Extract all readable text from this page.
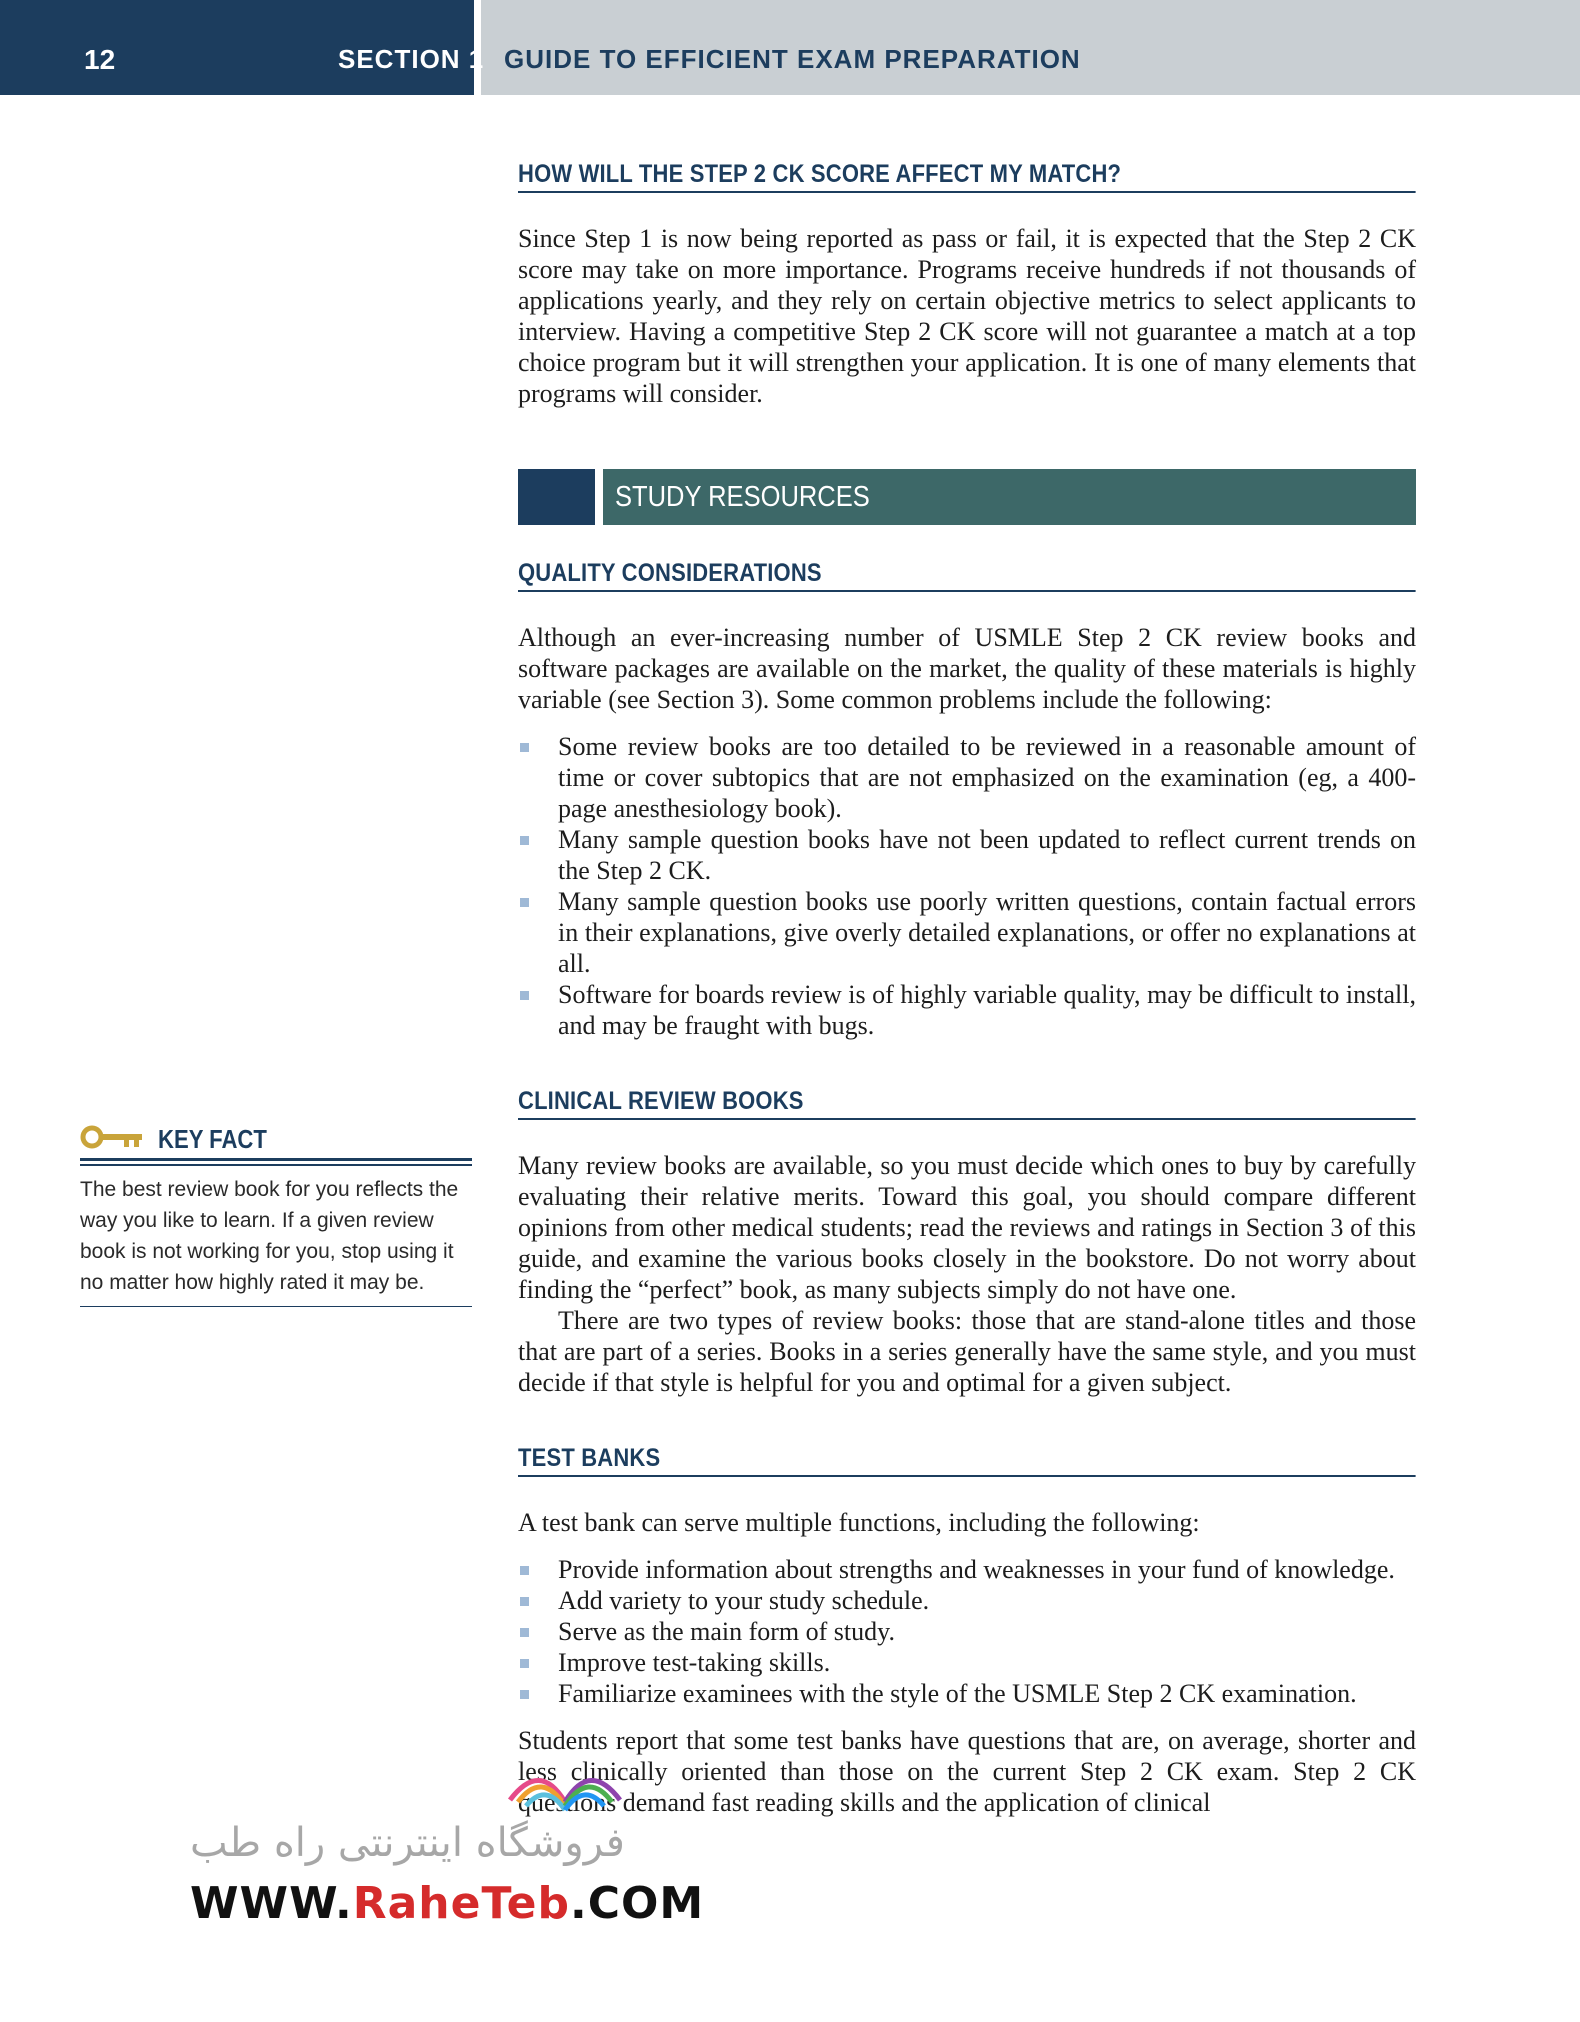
12	SECTION 1 GUIDE TO EFFICIENT EXAM PREPARATION
HOW WILL THE STEP 2 CK SCORE AFFECT MY MATCH?

Since Step 1 is now being reported as pass or fail, it is expected that the Step 2 CK score may take on more importance. Programs receive hundreds if not thousands of applications yearly, and they rely on certain objective metrics to select applicants to interview. Having a competitive Step 2 CK score will not guarantee a match at a top choice program but it will strengthen your application. It is one of many elements that programs will consider.

STUDY RESOURCES
QUALITY CONSIDERATIONS

Although an ever-increasing number of USMLE Step 2 CK review books and software packages are available on the market, the quality of these materials is highly variable (see Section 3). Some common problems include the following:

Some review books are too detailed to be reviewed in a reasonable amount of time or cover subtopics that are not emphasized on the examination (eg, a 400-page anesthesiology book).
Many sample question books have not been updated to reflect current trends on the Step 2 CK.
Many sample question books use poorly written questions, contain factual errors in their explanations, give overly detailed explanations, or offer no explanations at all.
Software for boards review is of highly variable quality, may be difficult to install, and may be fraught with bugs.
CLINICAL REVIEW BOOKS

Many review books are available, so you must decide which ones to buy by carefully evaluating their relative merits. Toward this goal, you should compare different opinions from other medical students; read the reviews and ratings in Section 3 of this guide, and examine the various books closely in the bookstore. Do not worry about finding the “perfect” book, as many subjects simply do not have one.

There are two types of review books: those that are stand-alone titles and those that are part of a series. Books in a series generally have the same style, and you must decide if that style is helpful for you and optimal for a given subject.

TEST BANKS

A test bank can serve multiple functions, including the following:

Provide information about strengths and weaknesses in your fund of knowledge.
Add variety to your study schedule.
Serve as the main form of study.
Improve test-taking skills.
Familiarize examinees with the style of the USMLE Step 2 CK examination.

Students report that some test banks have questions that are, on average, shorter and less clinically oriented than those on the current Step 2 CK exam. Step 2 CK questions demand fast reading skills and the application of clinical

KEY FACT
The best review book for you reflects the way you like to learn. If a given review book is not working for you, stop using it no matter how highly rated it may be.
فروشگاه اینترنتی راه طب
WWW.RaheTeb.COM
